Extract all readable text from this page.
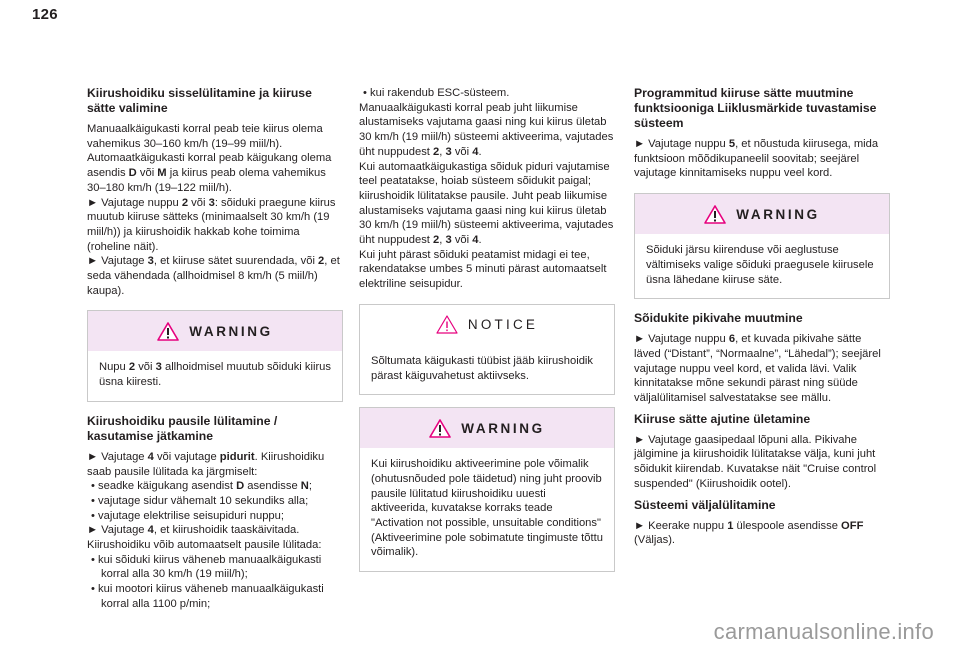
126
Kiirushoidiku sisselülitamine ja kiiruse sätte valimine

Manuaalkäigukasti korral peab teie kiirus olema vahemikus 30–160 km/h (19–99 miil/h).

Automaatkäigukasti korral peab käigukang olema asendis D või M ja kiirus peab olema vahemikus 30–180 km/h (19–122 miil/h).

► Vajutage nuppu 2 või 3: sõiduki praegune kiirus muutub kiiruse sätteks (minimaalselt 30 km/h (19 miil/h)) ja kiirushoidik hakkab kohe toimima (roheline näit).

► Vajutage 3, et kiiruse sätet suurendada, või 2, et seda vähendada (allhoidmisel 8 km/h (5 miil/h) kaupa).

WARNING
Nupu 2 või 3 allhoidmisel muutub sõiduki kiirus üsna kiiresti.
Kiirushoidiku pausile lülitamine / kasutamise jätkamine

► Vajutage 4 või vajutage pidurit. Kiirushoidiku saab pausile lülitada ka järgmiselt:

• seadke käigukang asendist D asendisse N;

• vajutage sidur vähemalt 10 sekundiks alla;

• vajutage elektrilise seisupiduri nuppu;

► Vajutage 4, et kiirushoidik taaskäivitada.

Kiirushoidiku võib automaatselt pausile lülitada:

• kui sõiduki kiirus väheneb manuaalkäigukasti korral alla 30 km/h (19 miil/h);

• kui mootori kiirus väheneb manuaalkäigukasti korral alla 1100 p/min;

• kui rakendub ESC-süsteem.

Manuaalkäigukasti korral peab juht liikumise alustamiseks vajutama gaasi ning kui kiirus ületab 30 km/h (19 miil/h) süsteemi aktiveerima, vajutades üht nuppudest 2, 3 või 4.

Kui automaatkäigukastiga sõiduk piduri vajutamise teel peatatakse, hoiab süsteem sõidukit paigal; kiirushoidik lülitatakse pausile. Juht peab liikumise alustamiseks vajutama gaasi ning kui kiirus ületab 30 km/h (19 miil/h) süsteemi aktiveerima, vajutades üht nuppudest 2, 3 või 4.

Kui juht pärast sõiduki peatamist midagi ei tee, rakendatakse umbes 5 minuti pärast automaatselt elektriline seisupidur.

NOTICE
Sõltumata käigukasti tüübist jääb kiirushoidik pärast käiguvahetust aktiivseks.
WARNING
Kui kiirushoidiku aktiveerimine pole võimalik (ohutusnõuded pole täidetud) ning juht proovib pausile lülitatud kiirushoidiku uuesti aktiveerida, kuvatakse korraks teade "Activation not possible, unsuitable conditions" (Aktiveerimine pole sobimatute tingimuste tõttu võimalik).
Programmitud kiiruse sätte muutmine funktsiooniga Liiklusmärkide tuvastamise süsteem

► Vajutage nuppu 5, et nõustuda kiirusega, mida funktsioon mõõdikupaneelil soovitab; seejärel vajutage kinnitamiseks nuppu veel kord.

WARNING
Sõiduki järsu kiirenduse või aeglustuse vältimiseks valige sõiduki praegusele kiirusele üsna lähedane kiiruse säte.
Sõidukite pikivahe muutmine

► Vajutage nuppu 6, et kuvada pikivahe sätte läved (“Distant”, “Normaalne”, “Lähedal”); seejärel vajutage nuppu veel kord, et valida lävi. Valik kinnitatakse mõne sekundi pärast ning süüde väljalülitamisel salvestatakse see mällu.

Kiiruse sätte ajutine ületamine

► Vajutage gaasipedaal lõpuni alla. Pikivahe jälgimine ja kiirushoidik lülitatakse välja, kuni juht sõidukit kiirendab. Kuvatakse näit "Cruise control suspended" (Kiirushoidik ootel).

Süsteemi väljalülitamine

► Keerake nuppu 1 ülespoole asendisse OFF (Väljas).

carmanualsonline.info
